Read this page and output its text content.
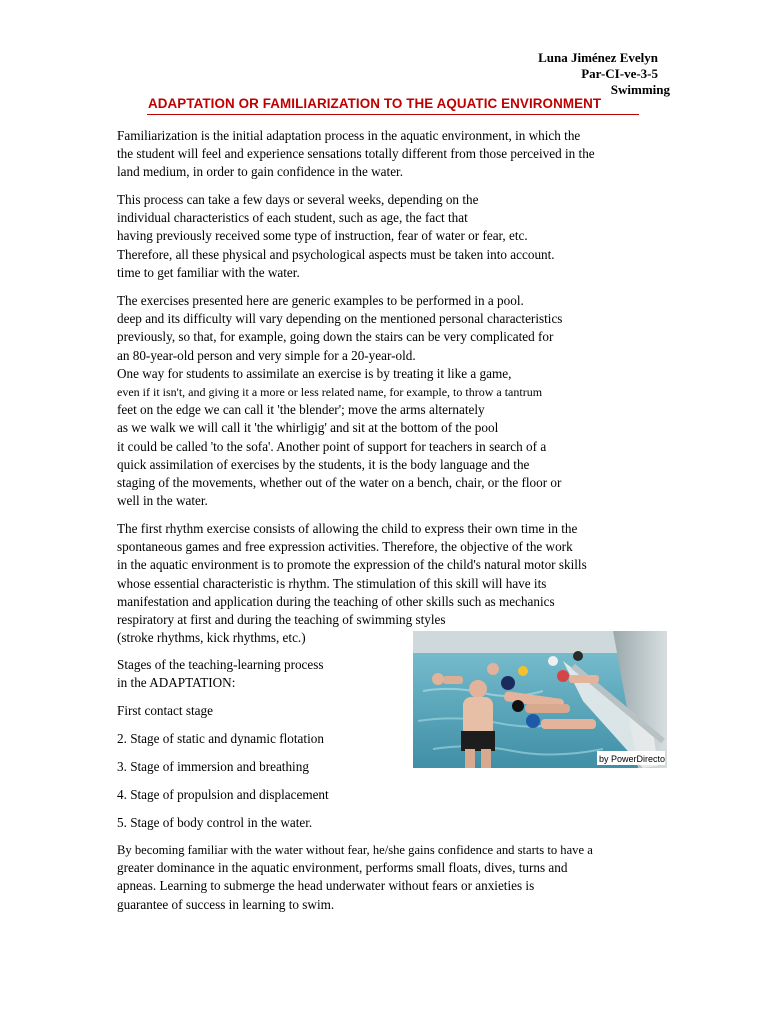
Luna Jiménez Evelyn
Par-CI-ve-3-5
Swimming
ADAPTATION OR FAMILIARIZATION TO THE AQUATIC ENVIRONMENT
Familiarization is the initial adaptation process in the aquatic environment, in which the
the student will feel and experience sensations totally different from those perceived in the
land medium, in order to gain confidence in the water.
This process can take a few days or several weeks, depending on the
individual characteristics of each student, such as age, the fact that
having previously received some type of instruction, fear of water or fear, etc.
Therefore, all these physical and psychological aspects must be taken into account.
time to get familiar with the water.
The exercises presented here are generic examples to be performed in a pool.
deep and its difficulty will vary depending on the mentioned personal characteristics
previously, so that, for example, going down the stairs can be very complicated for
an 80-year-old person and very simple for a 20-year-old.
One way for students to assimilate an exercise is by treating it like a game,
even if it isn't, and giving it a more or less related name, for example, to throw a tantrum
feet on the edge we can call it 'the blender'; move the arms alternately
as we walk we will call it 'the whirligig' and sit at the bottom of the pool
it could be called 'to the sofa'. Another point of support for teachers in search of a
quick assimilation of exercises by the students, it is the body language and the
staging of the movements, whether out of the water on a bench, chair, or the floor or
well in the water.
The first rhythm exercise consists of allowing the child to express their own time in the
spontaneous games and free expression activities. Therefore, the objective of the work
in the aquatic environment is to promote the expression of the child's natural motor skills
whose essential characteristic is rhythm. The stimulation of this skill will have its
manifestation and application during the teaching of other skills such as mechanics
respiratory at first and during the teaching of swimming styles
(stroke rhythms, kick rhythms, etc.)
Stages of the teaching-learning process
in the ADAPTATION:
First contact stage
2. Stage of static and dynamic flotation
3. Stage of immersion and breathing
4. Stage of propulsion and displacement
5. Stage of body control in the water.
by PowerDirecto
By becoming familiar with the water without fear, he/she gains confidence and starts to have a
greater dominance in the aquatic environment, performs small floats, dives, turns and
apneas. Learning to submerge the head underwater without fears or anxieties is
guarantee of success in learning to swim.
